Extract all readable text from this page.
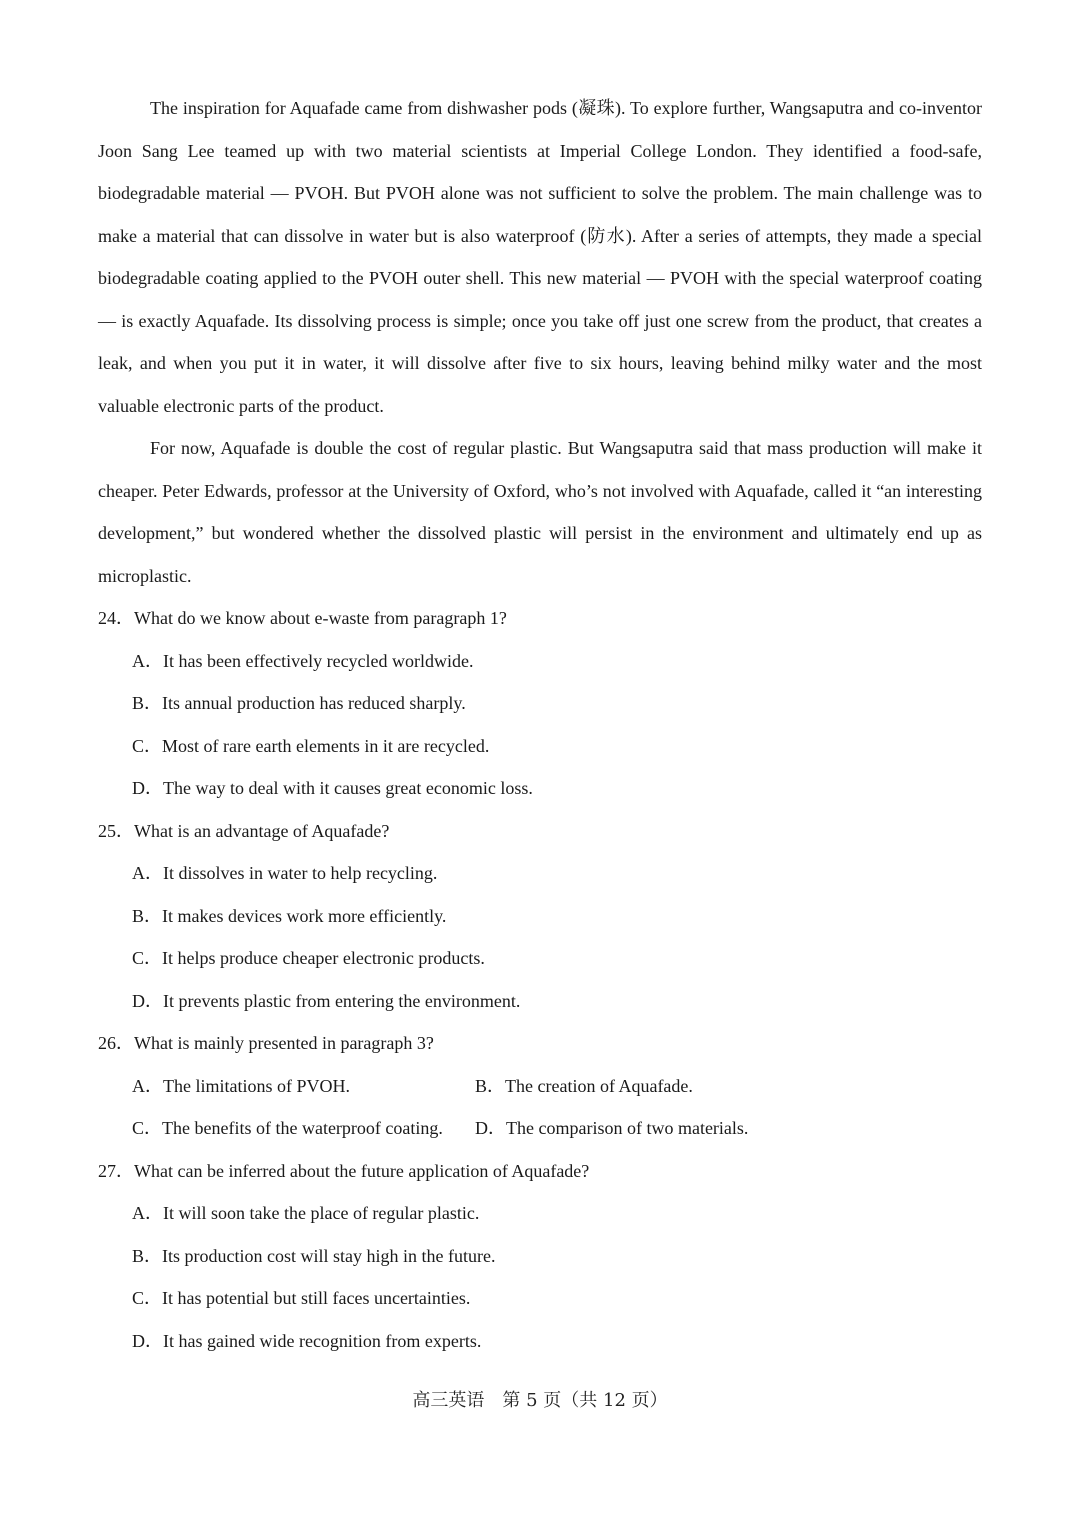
The inspiration for Aquafade came from dishwasher pods (凝珠). To explore further, Wangsaputra and co-inventor Joon Sang Lee teamed up with two material scientists at Imperial College London. They identified a food-safe, biodegradable material — PVOH. But PVOH alone was not sufficient to solve the problem. The main challenge was to make a material that can dissolve in water but is also waterproof (防水). After a series of attempts, they made a special biodegradable coating applied to the PVOH outer shell. This new material — PVOH with the special waterproof coating — is exactly Aquafade. Its dissolving process is simple; once you take off just one screw from the product, that creates a leak, and when you put it in water, it will dissolve after five to six hours, leaving behind milky water and the most valuable electronic parts of the product.

For now, Aquafade is double the cost of regular plastic. But Wangsaputra said that mass production will make it cheaper. Peter Edwards, professor at the University of Oxford, who’s not involved with Aquafade, called it “an interesting development,” but wondered whether the dissolved plastic will persist in the environment and ultimately end up as microplastic.

24．What do we know about e-waste from paragraph 1?

A．It has been effectively recycled worldwide.

B．Its annual production has reduced sharply.

C．Most of rare earth elements in it are recycled.

D．The way to deal with it causes great economic loss.

25．What is an advantage of Aquafade?

A．It dissolves in water to help recycling.

B．It makes devices work more efficiently.

C．It helps produce cheaper electronic products.

D．It prevents plastic from entering the environment.

26．What is mainly presented in paragraph 3?

A．The limitations of PVOH.	B．The creation of Aquafade.
C．The benefits of the waterproof coating.	D．The comparison of two materials.

27．What can be inferred about the future application of Aquafade?

A．It will soon take the place of regular plastic.

B．Its production cost will stay high in the future.

C．It has potential but still faces uncertainties.

D．It has gained wide recognition from experts.

高三英语　第 5 页（共 12 页）
